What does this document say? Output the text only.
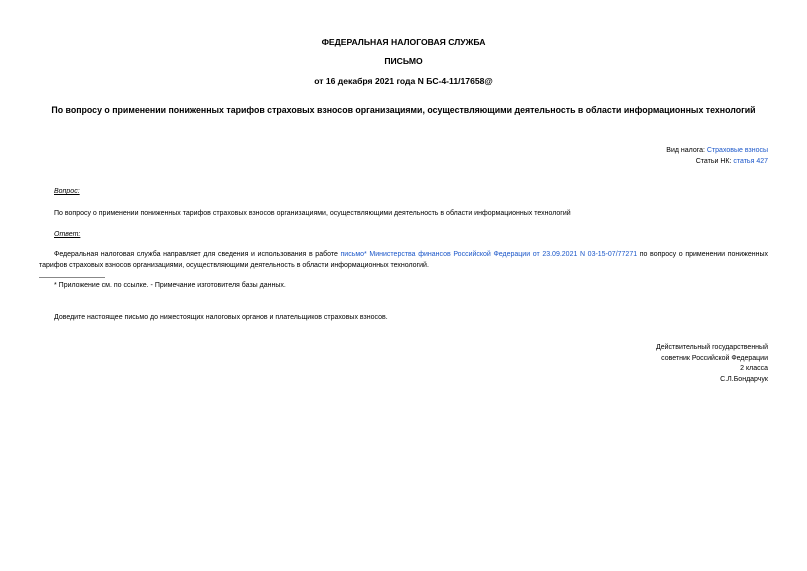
ФЕДЕРАЛЬНАЯ НАЛОГОВАЯ СЛУЖБА
ПИСЬМО
от 16 декабря 2021 года N БС-4-11/17658@
По вопросу о применении пониженных тарифов страховых взносов организациями, осуществляющими деятельность в области информационных технологий
Вид налога: Страховые взносы
Статьи НК: статья 427
Вопрос:
По вопросу о применении пониженных тарифов страховых взносов организациями, осуществляющими деятельность в области информационных технологий
Ответ:
Федеральная налоговая служба направляет для сведения и использования в работе письмо* Министерства финансов Российской Федерации от 23.09.2021 N 03-15-07/77271 по вопросу о применении пониженных тарифов страховых взносов организациями, осуществляющими деятельность в области информационных технологий.
* Приложение см. по ссылке. - Примечание изготовителя базы данных.
Доведите настоящее письмо до нижестоящих налоговых органов и плательщиков страховых взносов.
Действительный государственный
советник Российской Федерации
2 класса
С.Л.Бондарчук
